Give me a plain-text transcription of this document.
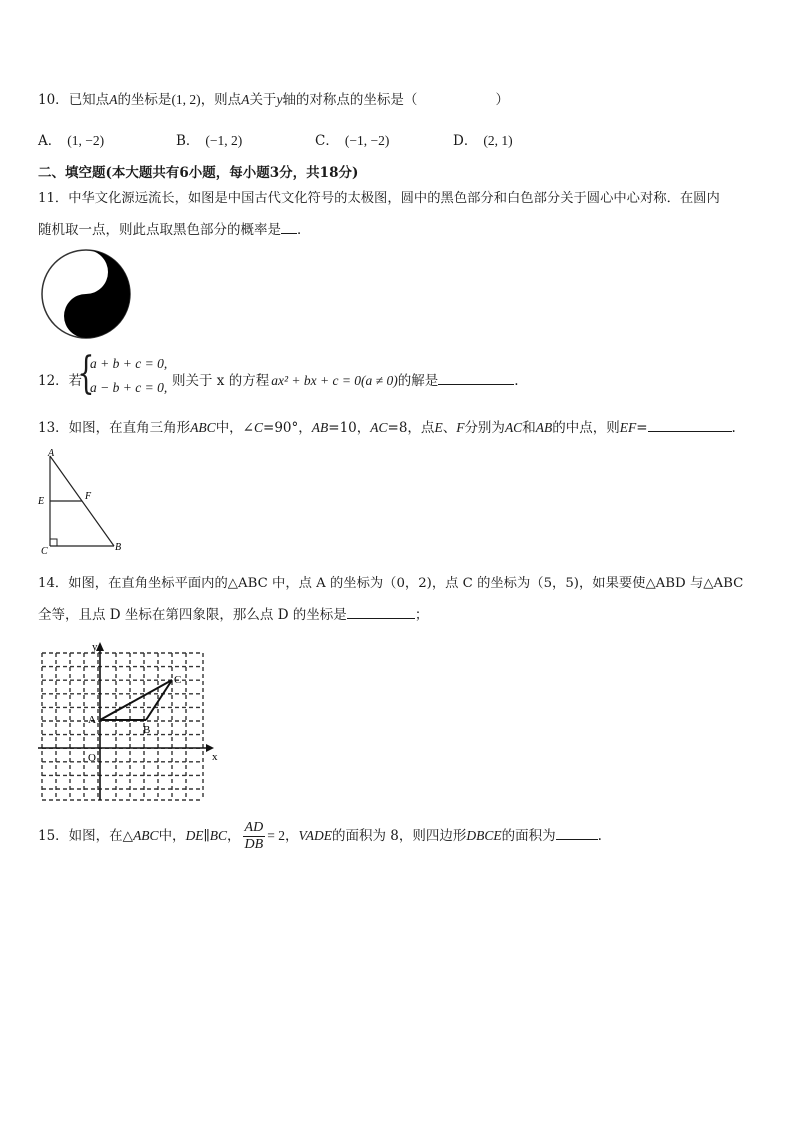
10．已知点A的坐标是(1, 2)，则点A关于y轴的对称点的坐标是（	）
A． (1, −2)	B． (−1, 2)	C． (−1, −2)	D． (2, 1)
二、填空题(本大题共有6小题，每小题3分，共18分)
11．中华文化源远流长，如图是中国古代文化符号的太极图，圆中的黑色部分和白色部分关于圆心中心对称．在圆内
随机取一点，则此点取黑色部分的概率是 ．
12．若
{
a + b + c = 0,
a − b + c = 0, 则关于 x 的方程 ax² + bx + c = 0(a ≠ 0)的解是	.
13．如图，在直角三角形ABC中，∠C=90°，AB=10，AC=8，点E、F分别为AC和AB的中点，则EF=	.
A
E	F
C	B
14．如图，在直角坐标平面内的△ABC 中，点 A 的坐标为（0，2)，点 C 的坐标为（5，5)，如果要使△ABD 与△ABC
全等，且点 D 坐标在第四象限，那么点 D 的坐标是	；
y
x
O
A
B
C
15．如图，在△ABC中，DE∥BC， $\frac{AD}{DB} = 2$，VADE的面积为 8，则四边形DBCE的面积为	.
